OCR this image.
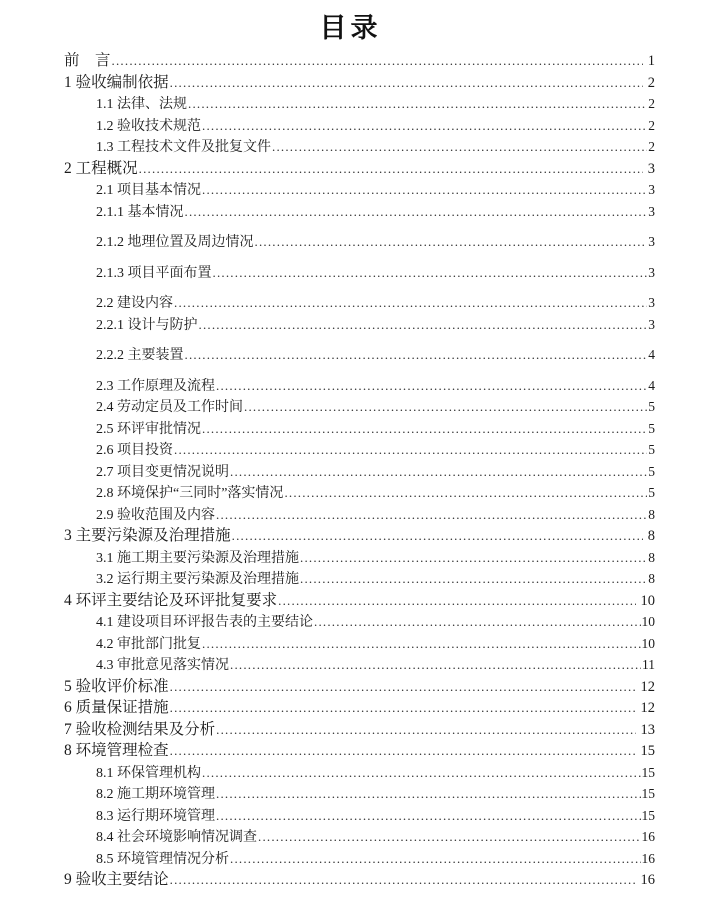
目录
前　言 .....	1
1 验收编制依据 .....	2
1.1 法律、法规 .....	2
1.2 验收技术规范 .....	2
1.3 工程技术文件及批复文件 .....	2
2 工程概况 .....	3
2.1 项目基本情况 .....	3
2.1.1 基本情况 .....	3
2.1.2 地理位置及周边情况 .....	3
2.1.3 项目平面布置 .....	3
2.2 建设内容 .....	3
2.2.1 设计与防护 .....	3
2.2.2 主要装置 .....	4
2.3 工作原理及流程 .....	4
2.4 劳动定员及工作时间 .....	5
2.5 环评审批情况 .....	5
2.6 项目投资 .....	5
2.7 项目变更情况说明 .....	5
2.8 环境保护“三同时”落实情况 .....	5
2.9 验收范围及内容 .....	8
3 主要污染源及治理措施 .....	8
3.1 施工期主要污染源及治理措施 .....	8
3.2 运行期主要污染源及治理措施 .....	8
4 环评主要结论及环评批复要求 .....	10
4.1 建设项目环评报告表的主要结论 .....	10
4.2 审批部门批复 .....	10
4.3 审批意见落实情况 .....	11
5 验收评价标准 .....	12
6 质量保证措施 .....	12
7 验收检测结果及分析 .....	13
8 环境管理检查 .....	15
8.1 环保管理机构 .....	15
8.2 施工期环境管理 .....	15
8.3 运行期环境管理 .....	15
8.4 社会环境影响情况调查 .....	16
8.5 环境管理情况分析 .....	16
9 验收主要结论 .....	16
